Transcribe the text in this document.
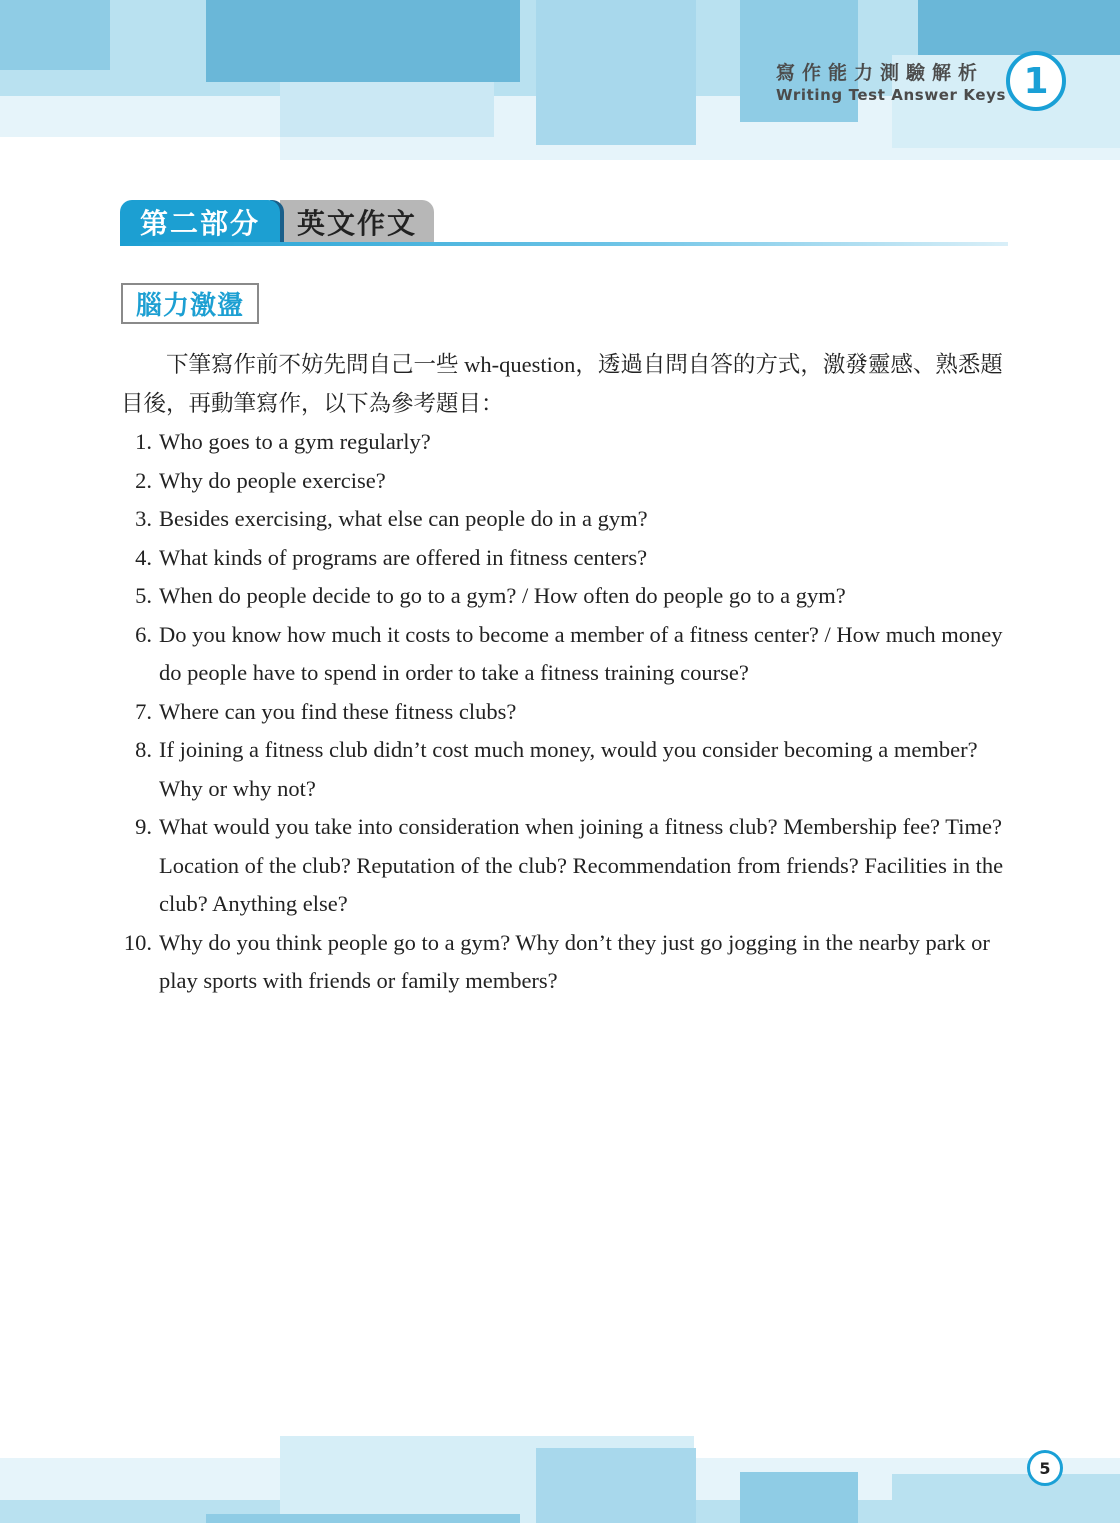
寫作能力測驗解析
Writing Test Answer Keys 1
英文作文
第二部分
腦力激盪

下筆寫作前不妨先問自己一些 wh-question，透過自問自答的方式，激發靈感、熟悉題目後，再動筆寫作，以下為參考題目：

1. Who goes to a gym regularly?
2. Why do people exercise?
3. Besides exercising, what else can people do in a gym?
4. What kinds of programs are offered in fitness centers?
5. When do people decide to go to a gym? / How often do people go to a gym?
6. Do you know how much it costs to become a member of a fitness center? / How much money do people have to spend in order to take a fitness training course?
7. Where can you find these fitness clubs?
8. If joining a fitness club didn’t cost much money, would you consider becoming a member? Why or why not?
9. What would you take into consideration when joining a fitness club? Membership fee? Time? Location of the club? Reputation of the club? Recommendation from friends? Facilities in the club? Anything else?
10. Why do you think people go to a gym? Why don’t they just go jogging in the nearby park or play sports with friends or family members?
5
